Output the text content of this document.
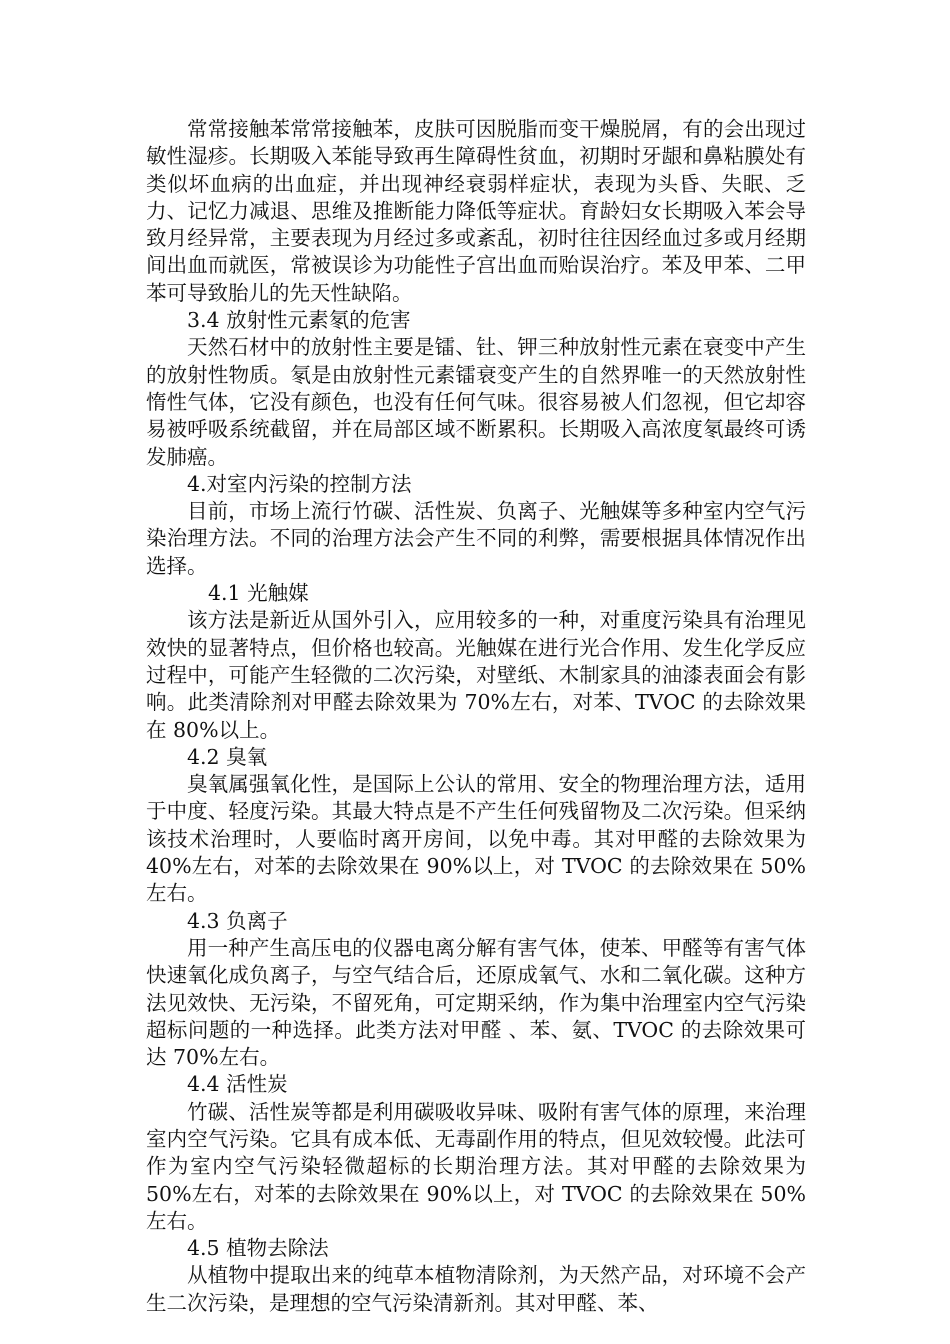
常常接触苯常常接触苯，皮肤可因脱脂而变干燥脱屑，有的会出现过敏性湿疹。长期吸入苯能导致再生障碍性贫血，初期时牙龈和鼻粘膜处有类似坏血病的出血症，并出现神经衰弱样症状，表现为头昏、失眠、乏力、记忆力减退、思维及推断能力降低等症状。育龄妇女长期吸入苯会导致月经异常，主要表现为月经过多或紊乱，初时往往因经血过多或月经期间出血而就医，常被误诊为功能性子宫出血而贻误治疗。苯及甲苯、二甲苯可导致胎儿的先天性缺陷。

3.4 放射性元素氡的危害

天然石材中的放射性主要是镭、钍、钾三种放射性元素在衰变中产生的放射性物质。氡是由放射性元素镭衰变产生的自然界唯一的天然放射性惰性气体，它没有颜色，也没有任何气味。很容易被人们忽视，但它却容易被呼吸系统截留，并在局部区域不断累积。长期吸入高浓度氡最终可诱发肺癌。

4.对室内污染的控制方法

目前，市场上流行竹碳、活性炭、负离子、光触媒等多种室内空气污染治理方法。不同的治理方法会产生不同的利弊，需要根据具体情况作出选择。

4.1 光触媒

该方法是新近从国外引入，应用较多的一种，对重度污染具有治理见效快的显著特点，但价格也较高。光触媒在进行光合作用、发生化学反应过程中，可能产生轻微的二次污染，对壁纸、木制家具的油漆表面会有影响。此类清除剂对甲醛去除效果为 70%左右，对苯、TVOC 的去除效果在 80%以上。

4.2 臭氧

臭氧属强氧化性，是国际上公认的常用、安全的物理治理方法，适用于中度、轻度污染。其最大特点是不产生任何残留物及二次污染。但采纳该技术治理时，人要临时离开房间，以免中毒。其对甲醛的去除效果为 40%左右，对苯的去除效果在 90%以上，对 TVOC 的去除效果在 50%左右。

4.3 负离子

用一种产生高压电的仪器电离分解有害气体，使苯、甲醛等有害气体快速氧化成负离子，与空气结合后，还原成氧气、水和二氧化碳。这种方法见效快、无污染，不留死角，可定期采纳，作为集中治理室内空气污染超标问题的一种选择。此类方法对甲醛 、苯、氨、TVOC 的去除效果可达 70%左右。

4.4 活性炭

竹碳、活性炭等都是利用碳吸收异味、吸附有害气体的原理，来治理室内空气污染。它具有成本低、无毒副作用的特点，但见效较慢。此法可作为室内空气污染轻微超标的长期治理方法。其对甲醛的去除效果为 50%左右，对苯的去除效果在 90%以上，对 TVOC 的去除效果在 50%左右。

4.5 植物去除法

从植物中提取出来的纯草本植物清除剂，为天然产品，对环境不会产生二次污染，是理想的空气污染清新剂。其对甲醛、苯、
